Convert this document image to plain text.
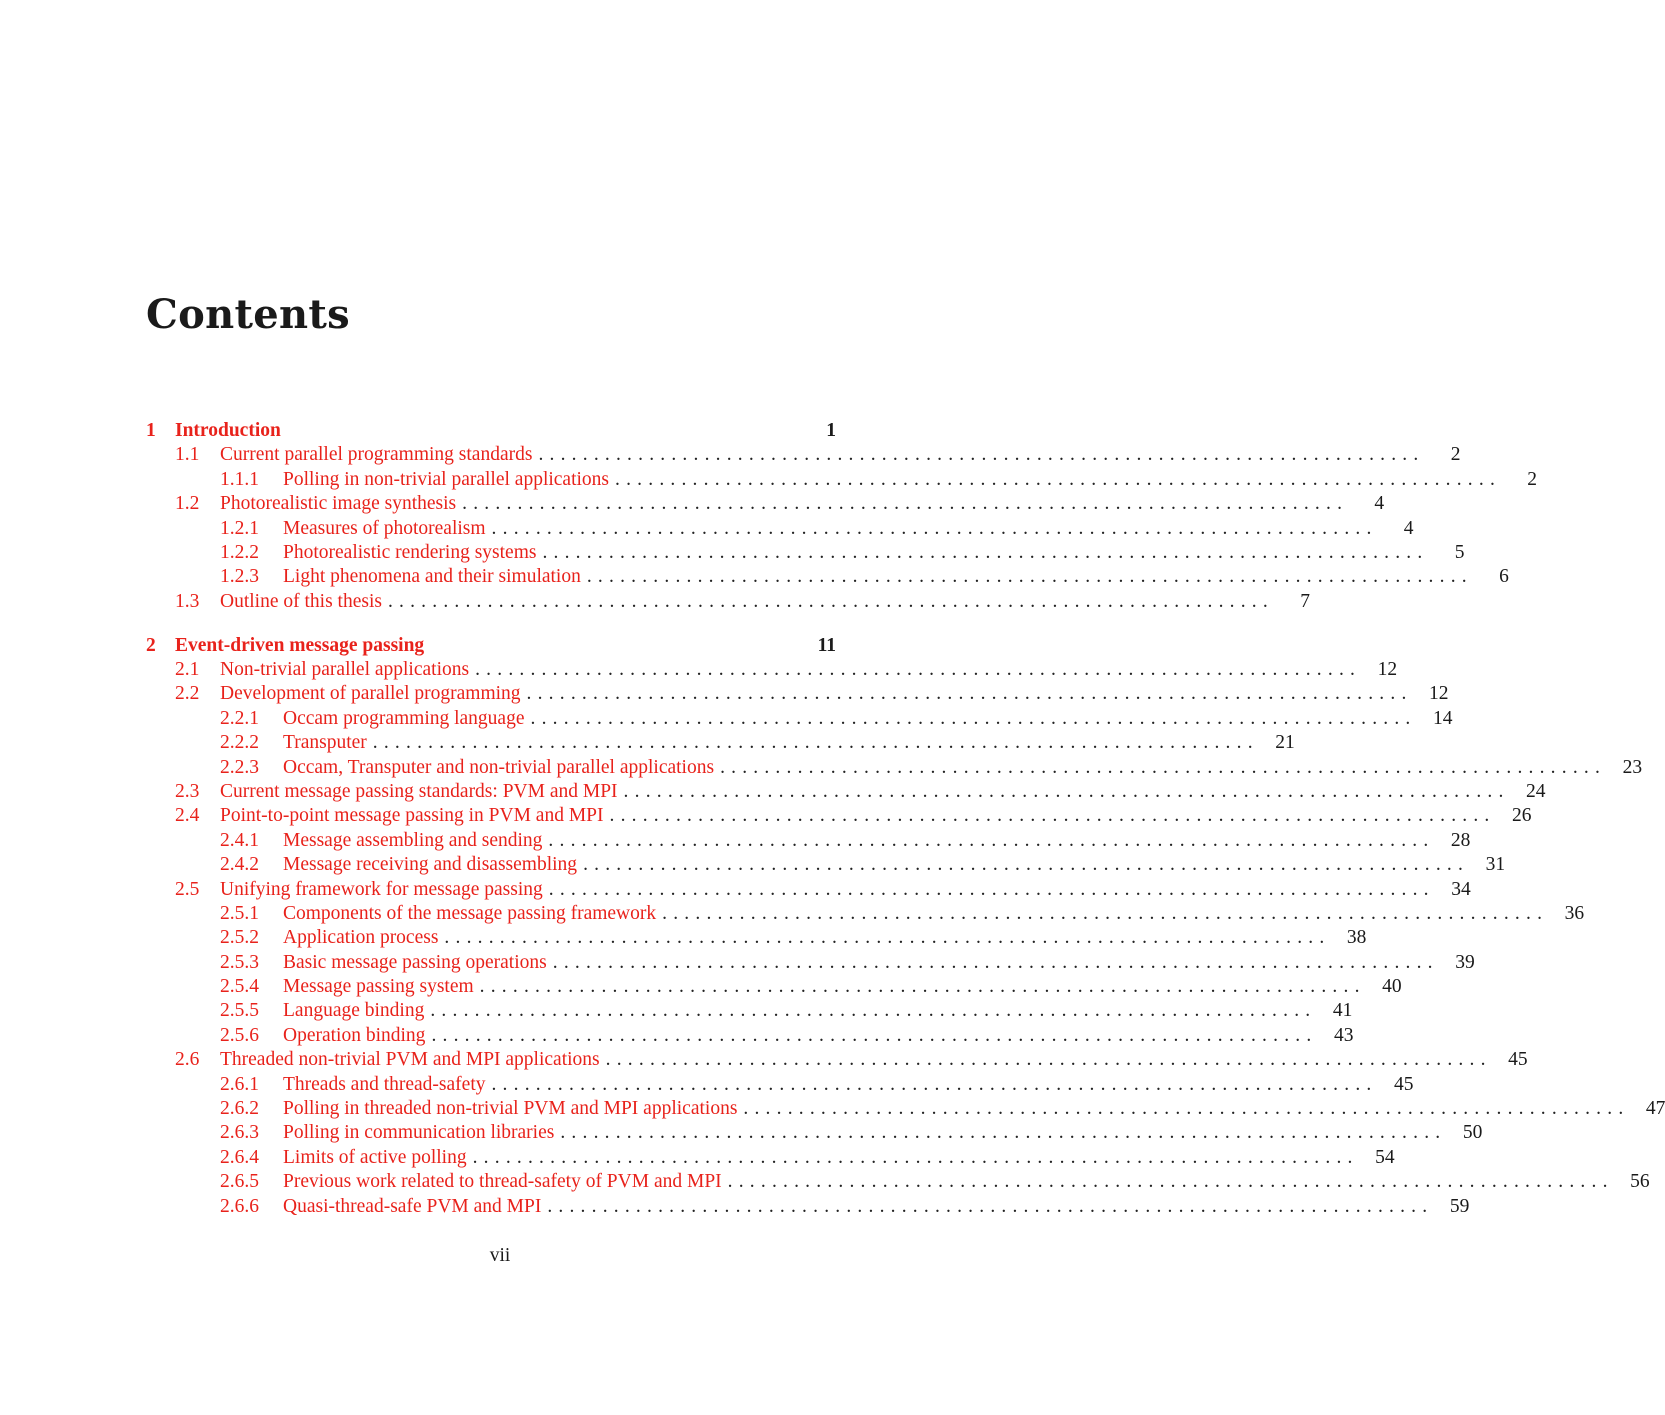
Contents
1 Introduction	1
1.1	Current parallel programming standards ................................................................................	2
1.1.1	Polling in non-trivial parallel applications ................................................................................	2
1.2	Photorealistic image synthesis ................................................................................	4
1.2.1	Measures of photorealism ................................................................................	4
1.2.2	Photorealistic rendering systems ................................................................................	5
1.2.3	Light phenomena and their simulation ................................................................................	6
1.3	Outline of this thesis ................................................................................	7
2 Event-driven message passing	11
2.1	Non-trivial parallel applications ................................................................................ 12
2.2	Development of parallel programming ................................................................................ 12
2.2.1	Occam programming language ................................................................................ 14
2.2.2	Transputer ................................................................................ 21
2.2.3	Occam, Transputer and non-trivial parallel applications ................................................................................ 23
2.3	Current message passing standards: PVM and MPI ................................................................................ 24
2.4	Point-to-point message passing in PVM and MPI ................................................................................ 26
2.4.1	Message assembling and sending ................................................................................ 28
2.4.2	Message receiving and disassembling ................................................................................ 31
2.5	Unifying framework for message passing ................................................................................ 34
2.5.1	Components of the message passing framework ................................................................................ 36
2.5.2	Application process ................................................................................ 38
2.5.3	Basic message passing operations ................................................................................ 39
2.5.4	Message passing system ................................................................................ 40
2.5.5	Language binding ................................................................................ 41
2.5.6	Operation binding ................................................................................ 43
2.6	Threaded non-trivial PVM and MPI applications ................................................................................ 45
2.6.1	Threads and thread-safety ................................................................................ 45
2.6.2	Polling in threaded non-trivial PVM and MPI applications ................................................................................ 47
2.6.3	Polling in communication libraries ................................................................................ 50
2.6.4	Limits of active polling ................................................................................ 54
2.6.5	Previous work related to thread-safety of PVM and MPI ................................................................................ 56
2.6.6	Quasi-thread-safe PVM and MPI ................................................................................ 59
vii
